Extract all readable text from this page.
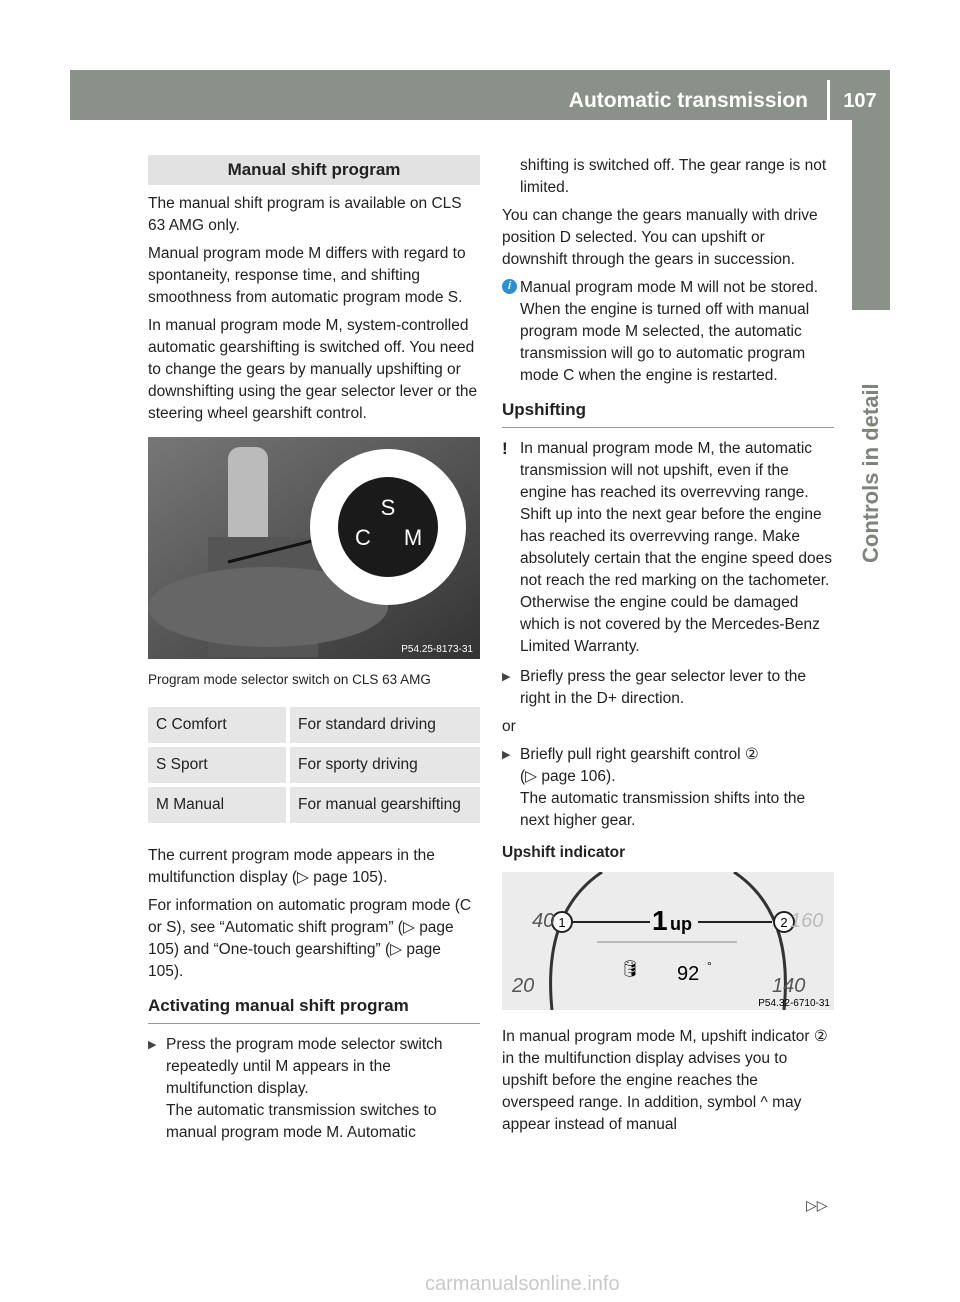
Automatic transmission	107
Controls in detail
Manual shift program

The manual shift program is available on CLS 63 AMG only.

Manual program mode M differs with regard to spontaneity, response time, and shifting smoothness from automatic program mode S.

In manual program mode M, system-controlled automatic gearshifting is switched off. You need to change the gears by manually upshifting or downshifting using the gear selector lever or the steering wheel gearshift control.

S
C M
P54.25-8173-31
Program mode selector switch on CLS 63 AMG
C Comfort	For standard driving
S Sport	For sporty driving
M Manual	For manual gearshifting

The current program mode appears in the multifunction display (▷ page 105).

For information on automatic program mode (C or S), see “Automatic shift program” (▷ page 105) and “One-touch gearshifting” (▷ page 105).

Activating manual shift program
▶ Press the program mode selector switch repeatedly until M appears in the multifunction display.
The automatic transmission switches to manual program mode M. Automatic

shifting is switched off. The gear range is not limited.

You can change the gears manually with drive position D selected. You can upshift or downshift through the gears in succession.

i Manual program mode M will not be stored. When the engine is turned off with manual program mode M selected, the automatic transmission will go to automatic program mode C when the engine is restarted.
Upshifting
! In manual program mode M, the automatic transmission will not upshift, even if the engine has reached its overrevving range. Shift up into the next gear before the engine has reached its overrevving range. Make absolutely certain that the engine speed does not reach the red marking on the tachometer. Otherwise the engine could be damaged which is not covered by the Mercedes-Benz Limited Warranty.
▶ Briefly press the gear selector lever to the right in the D+ direction.

or

▶ Briefly pull right gearshift control ②
(▷ page 106).
The automatic transmission shifts into the next higher gear.
Upshift indicator
1	2
1 up
🛢 92 °
40
20	140
160
P54.32-6710-31

In manual program mode M, upshift indicator ② in the multifunction display advises you to upshift before the engine reaches the overspeed range. In addition, symbol ^ may appear instead of manual

▷▷
carmanualsonline.info
